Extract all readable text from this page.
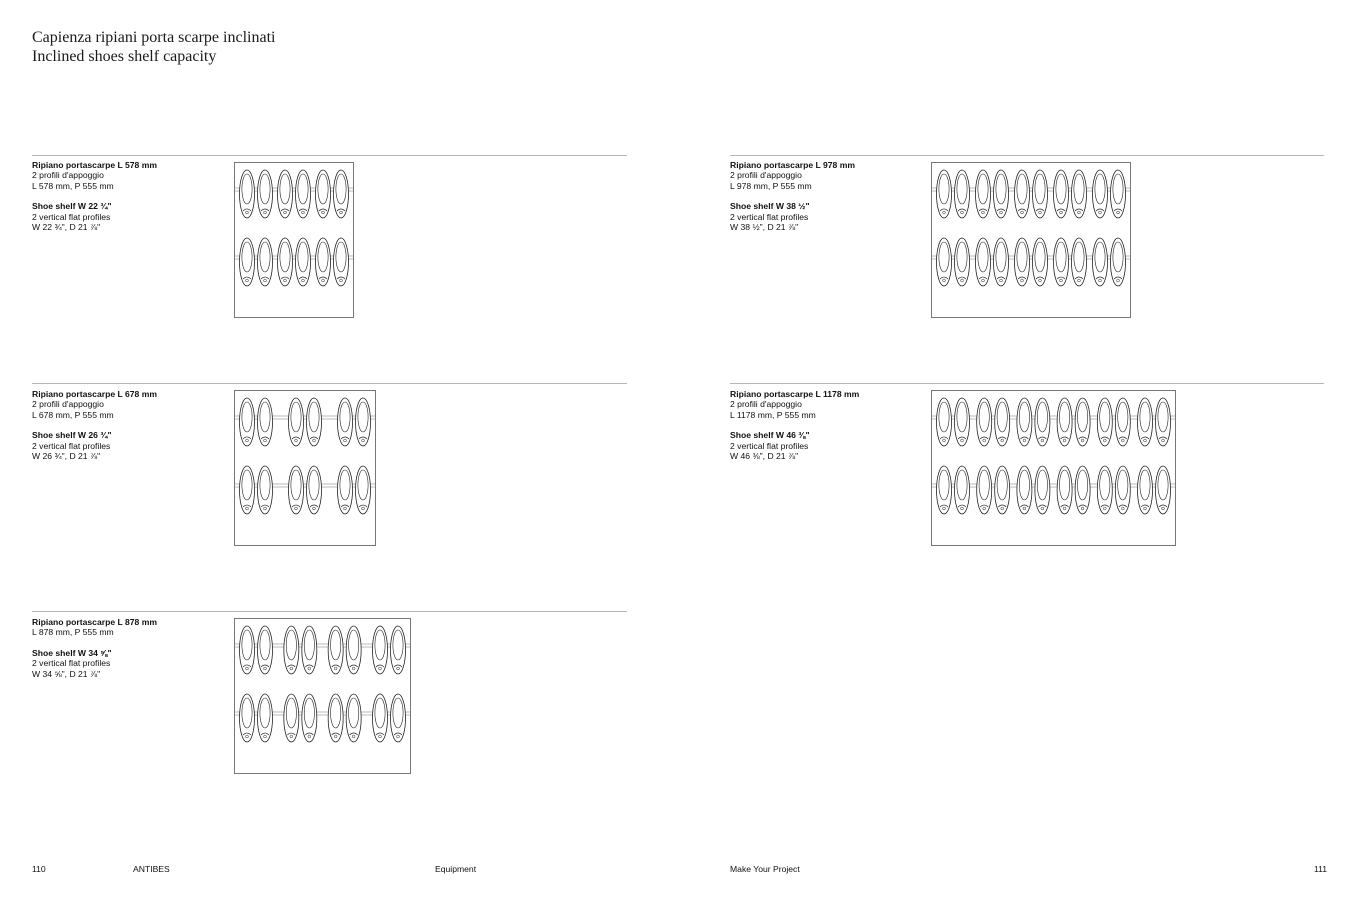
Capienza ripiani porta scarpe inclinati
Inclined shoes shelf capacity
Ripiano portascarpe L 578 mm
2 profili d'appoggio
L 578 mm, P 555 mm
Shoe shelf W 22 ¾"
2 vertical flat profiles
W 22 ¾", D 21 ⅞"
Ripiano portascarpe L 978 mm
2 profili d'appoggio
L 978 mm, P 555 mm
Shoe shelf W 38 ½"
2 vertical flat profiles
W 38 ½", D 21 ⅞"
Ripiano portascarpe L 678 mm
2 profili d'appoggio
L 678 mm, P 555 mm
Shoe shelf W 26 ¾"
2 vertical flat profiles
W 26 ¾", D 21 ⅞"
Ripiano portascarpe L 1178 mm
2 profili d'appoggio
L 1178 mm, P 555 mm
Shoe shelf W 46 ⅜"
2 vertical flat profiles
W 46 ⅜", D 21 ⅞"
Ripiano portascarpe L 878 mm
L 878 mm, P 555 mm
Shoe shelf W 34 ⅝"
2 vertical flat profiles
W 34 ⅝", D 21 ⅞"
110	ANTIBES	Equipment	Make Your Project	111
